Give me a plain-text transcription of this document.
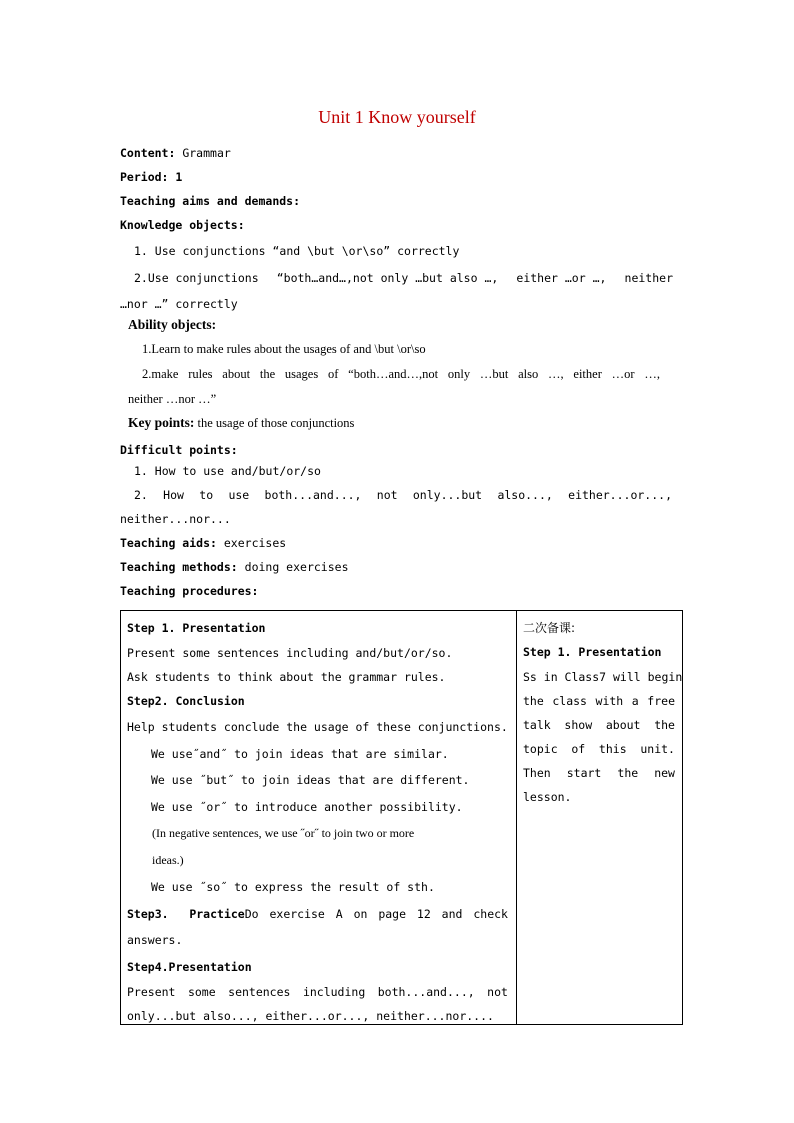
Unit 1 Know yourself
Content: Grammar
Period: 1
Teaching aims and demands:
Knowledge objects:
1. Use conjunctions “and \but \or\so” correctly
2.Use conjunctions “both…and…,not only …but also …, either …or …, neither
…nor …” correctly
Ability objects:
1.Learn to make rules about the usages of and \but \or\so
2.make rules about the usages of “both…and…,not only …but also …, either …or …,
neither …nor …”
Key points: the usage of those conjunctions
Difficult points:
1. How to use and/but/or/so
2. How to use both...and..., not only...but also..., either...or...,
neither...nor...
Teaching aids: exercises
Teaching methods: doing exercises
Teaching procedures:
Step 1. Presentation
Present some sentences including and/but/or/so.
Ask students to think about the grammar rules.
Step2. Conclusion
Help students conclude the usage of these conjunctions.
We use˝and˝ to join ideas that are similar.
We use ˝but˝ to join ideas that are different.
We use ˝or˝ to introduce another possibility.
(In negative sentences, we use ˝or˝ to join two or more
ideas.)
We use ˝so˝ to express the result of sth.
Step3. PracticeDo exercise A on page 12 and check
answers.
Step4.Presentation
Present some sentences including both...and..., not
only...but also..., either...or..., neither...nor....

二次备课:
Step 1. Presentation
Ss in Class7 will begin
the class with a free
talk show about the
topic of this unit.
Then start the new
lesson.
